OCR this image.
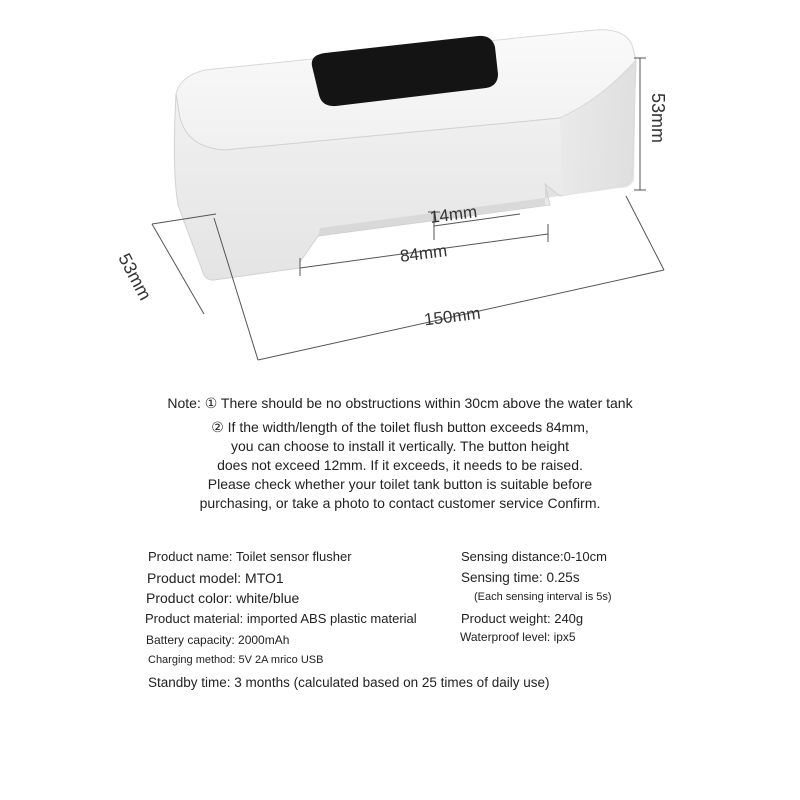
53mm
14mm
84mm
150mm
53mm
Note: ① There should be no obstructions within 30cm above the water tank
② If the width/length of the toilet flush button exceeds 84mm,
you can choose to install it vertically. The button height
does not exceed 12mm. If it exceeds, it needs to be raised.
Please check whether your toilet tank button is suitable before
purchasing, or take a photo to contact customer service Confirm.
Product name: Toilet sensor flusher
Product model: MTO1
Product color: white/blue
Product material: imported ABS plastic material
Battery capacity: 2000mAh
Charging method: 5V 2A mrico USB
Standby time: 3 months (calculated based on 25 times of daily use)
Sensing distance:0-10cm
Sensing time: 0.25s
(Each sensing interval is 5s)
Product weight: 240g
Waterproof level: ipx5
